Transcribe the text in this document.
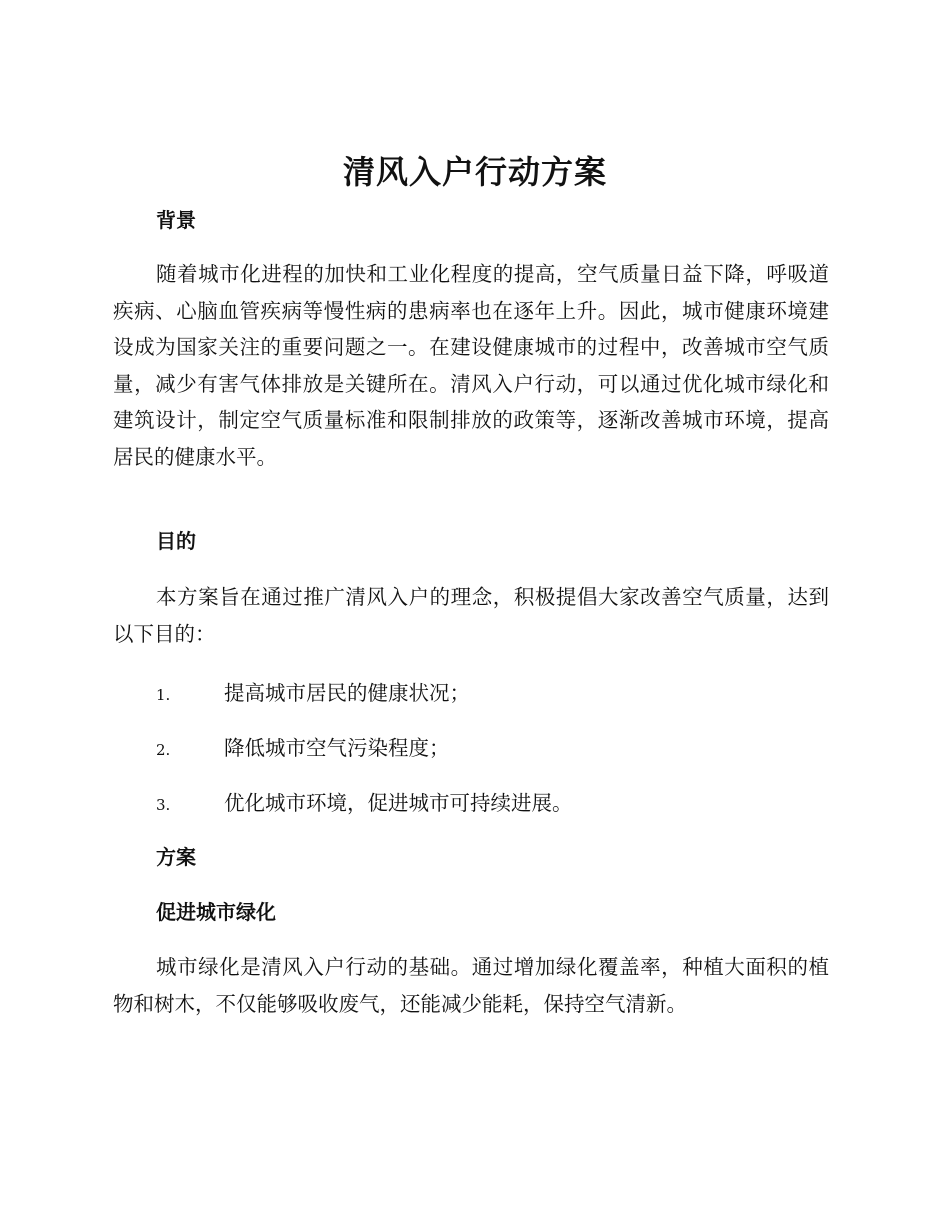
清风入户行动方案
背景

随着城市化进程的加快和工业化程度的提高，空气质量日益下降，呼吸道疾病、心脑血管疾病等慢性病的患病率也在逐年上升。因此，城市健康环境建设成为国家关注的重要问题之一。在建设健康城市的过程中，改善城市空气质量，减少有害气体排放是关键所在。清风入户行动，可以通过优化城市绿化和建筑设计，制定空气质量标准和限制排放的政策等，逐渐改善城市环境，提高居民的健康水平。

目的

本方案旨在通过推广清风入户的理念，积极提倡大家改善空气质量，达到以下目的：

1.	提高城市居民的健康状况；
2.	降低城市空气污染程度；
3.	优化城市环境，促进城市可持续进展。
方案
促进城市绿化

城市绿化是清风入户行动的基础。通过增加绿化覆盖率，种植大面积的植物和树木，不仅能够吸收废气，还能减少能耗，保持空气清新。
